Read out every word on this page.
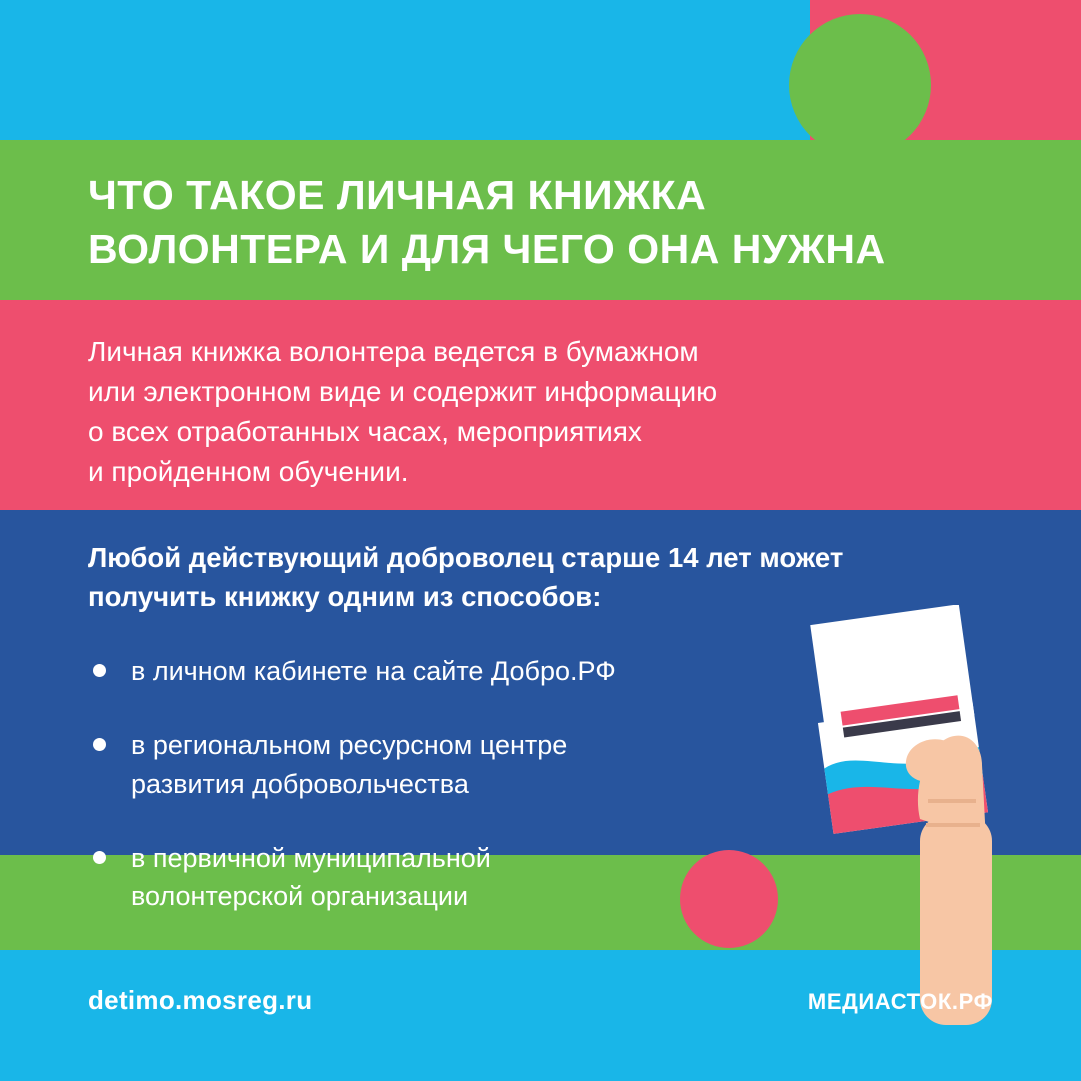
ЧТО ТАКОЕ ЛИЧНАЯ КНИЖКА
ВОЛОНТЕРА И ДЛЯ ЧЕГО ОНА НУЖНА
Личная книжка волонтера ведется в бумажном
или электронном виде и содержит информацию
о всех отработанных часах, мероприятиях
и пройденном обучении.
Любой действующий доброволец старше 14 лет может
получить книжку одним из способов:
в личном кабинете на сайте Добро.РФ
в региональном ресурсном центре
развития добровольчества
в первичной муниципальной
волонтерской организации
detimo.mosreg.ru	МЕДИАСТОК.РФ
